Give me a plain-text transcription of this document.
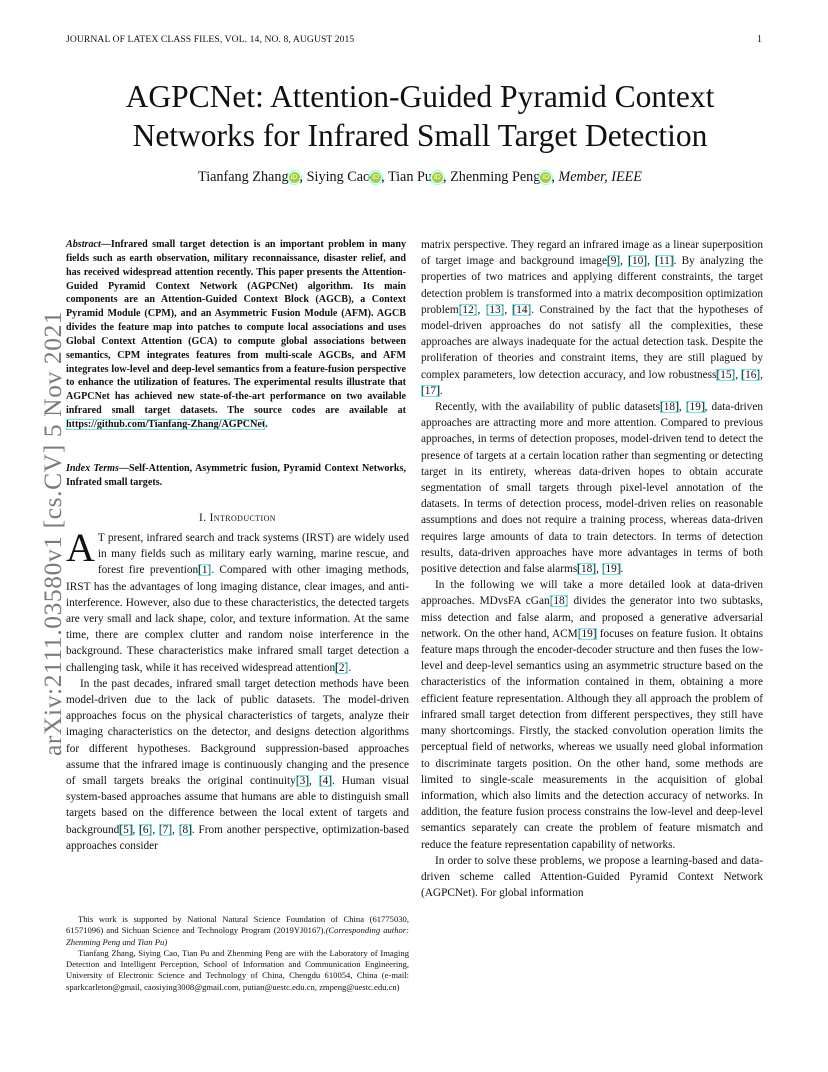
JOURNAL OF LATEX CLASS FILES, VOL. 14, NO. 8, AUGUST 2015	1
arXiv:2111.03580v1 [cs.CV] 5 Nov 2021
AGPCNet: Attention-Guided Pyramid Context
Networks for Infrared Small Target Detection
Tianfang Zhang iD , Siying Cao iD , Tian Pu iD , Zhenming Peng iD , Member, IEEE
Abstract—Infrared small target detection is an important problem in many fields such as earth observation, military reconnaissance, disaster relief, and has received widespread attention recently. This paper presents the Attention-Guided Pyramid Context Network (AGPCNet) algorithm. Its main components are an Attention-Guided Context Block (AGCB), a Context Pyramid Module (CPM), and an Asymmetric Fusion Module (AFM). AGCB divides the feature map into patches to compute local associations and uses Global Context Attention (GCA) to compute global associations between semantics, CPM integrates features from multi-scale AGCBs, and AFM integrates low-level and deep-level semantics from a feature-fusion perspective to enhance the utilization of features. The experimental results illustrate that AGPCNet has achieved new state-of-the-art performance on two available infrared small target datasets. The source codes are available at https://github.com/Tianfang-Zhang/AGPCNet.
Index Terms—Self-Attention, Asymmetric fusion, Pyramid Context Networks, Infrated small targets.
I. Introduction

A T present, infrared search and track systems (IRST) are widely used in many fields such as military early warning, marine rescue, and forest fire prevention[1]. Compared with other imaging methods, IRST has the advantages of long imaging distance, clear images, and anti-interference. However, also due to these characteristics, the detected targets are very small and lack shape, color, and texture information. At the same time, there are complex clutter and random noise interference in the background. These characteristics make infrared small target detection a challenging task, while it has received widespread attention[2].

In the past decades, infrared small target detection methods have been model-driven due to the lack of public datasets. The model-driven approaches focus on the physical characteristics of targets, analyze their imaging characteristics on the detector, and designs detection algorithms for different hypotheses. Background suppression-based approaches assume that the infrared image is continuously changing and the presence of small targets breaks the original continuity[3], [4]. Human visual system-based approaches assume that humans are able to distinguish small targets based on the difference between the local extent of targets and background[5], [6], [7], [8]. From another perspective, optimization-based approaches consider

This work is supported by National Natural Science Foundation of China (61775030, 61571096) and Sichuan Science and Technology Program (2019YJ0167).(Corresponding author: Zhenming Peng and Tian Pu)

Tianfang Zhang, Siying Cao, Tian Pu and Zhenming Peng are with the Laboratory of Imaging Detection and Intelligent Perception, School of Information and Communication Engineering, University of Electronic Science and Technology of China, Chengdu 610054, China (e-mail: sparkcarleton@gmail, caosiying3008@gmail.com, putian@uestc.edu.cn, zmpeng@uestc.edu.cn)

matrix perspective. They regard an infrared image as a linear superposition of target image and background image[9], [10], [11]. By analyzing the properties of two matrices and applying different constraints, the target detection problem is transformed into a matrix decomposition optimization problem[12], [13], [14]. Constrained by the fact that the hypotheses of model-driven approaches do not satisfy all the complexities, these approaches are always inadequate for the actual detection task. Despite the proliferation of theories and constraint items, they are still plagued by complex parameters, low detection accuracy, and low robustness[15], [16], [17].

Recently, with the availability of public datasets[18], [19], data-driven approaches are attracting more and more attention. Compared to previous approaches, in terms of detection proposes, model-driven tend to detect the presence of targets at a certain location rather than segmenting or detecting target in its entirety, whereas data-driven hopes to obtain accurate segmentation of small targets through pixel-level annotation of the datasets. In terms of detection process, model-driven relies on reasonable assumptions and does not require a training process, whereas data-driven requires large amounts of data to train detectors. In terms of detection results, data-driven approaches have more advantages in terms of both positive detection and false alarms[18], [19].

In the following we will take a more detailed look at data-driven approaches. MDvsFA cGan[18] divides the generator into two subtasks, miss detection and false alarm, and proposed a generative adversarial network. On the other hand, ACM[19] focuses on feature fusion. It obtains feature maps through the encoder-decoder structure and then fuses the low-level and deep-level semantics using an asymmetric structure based on the characteristics of the information contained in them, obtaining a more efficient feature representation. Although they all approach the problem of infrared small target detection from different perspectives, they still have many shortcomings. Firstly, the stacked convolution operation limits the perceptual field of networks, whereas we usually need global information to discriminate targets position. On the other hand, some methods are limited to single-scale measurements in the acquisition of global information, which also limits and the detection accuracy of networks. In addition, the feature fusion process constrains the low-level and deep-level semantics separately can create the problem of feature mismatch and reduce the feature representation capability of networks.

In order to solve these problems, we propose a learning-based and data-driven scheme called Attention-Guided Pyramid Context Network (AGPCNet). For global information
